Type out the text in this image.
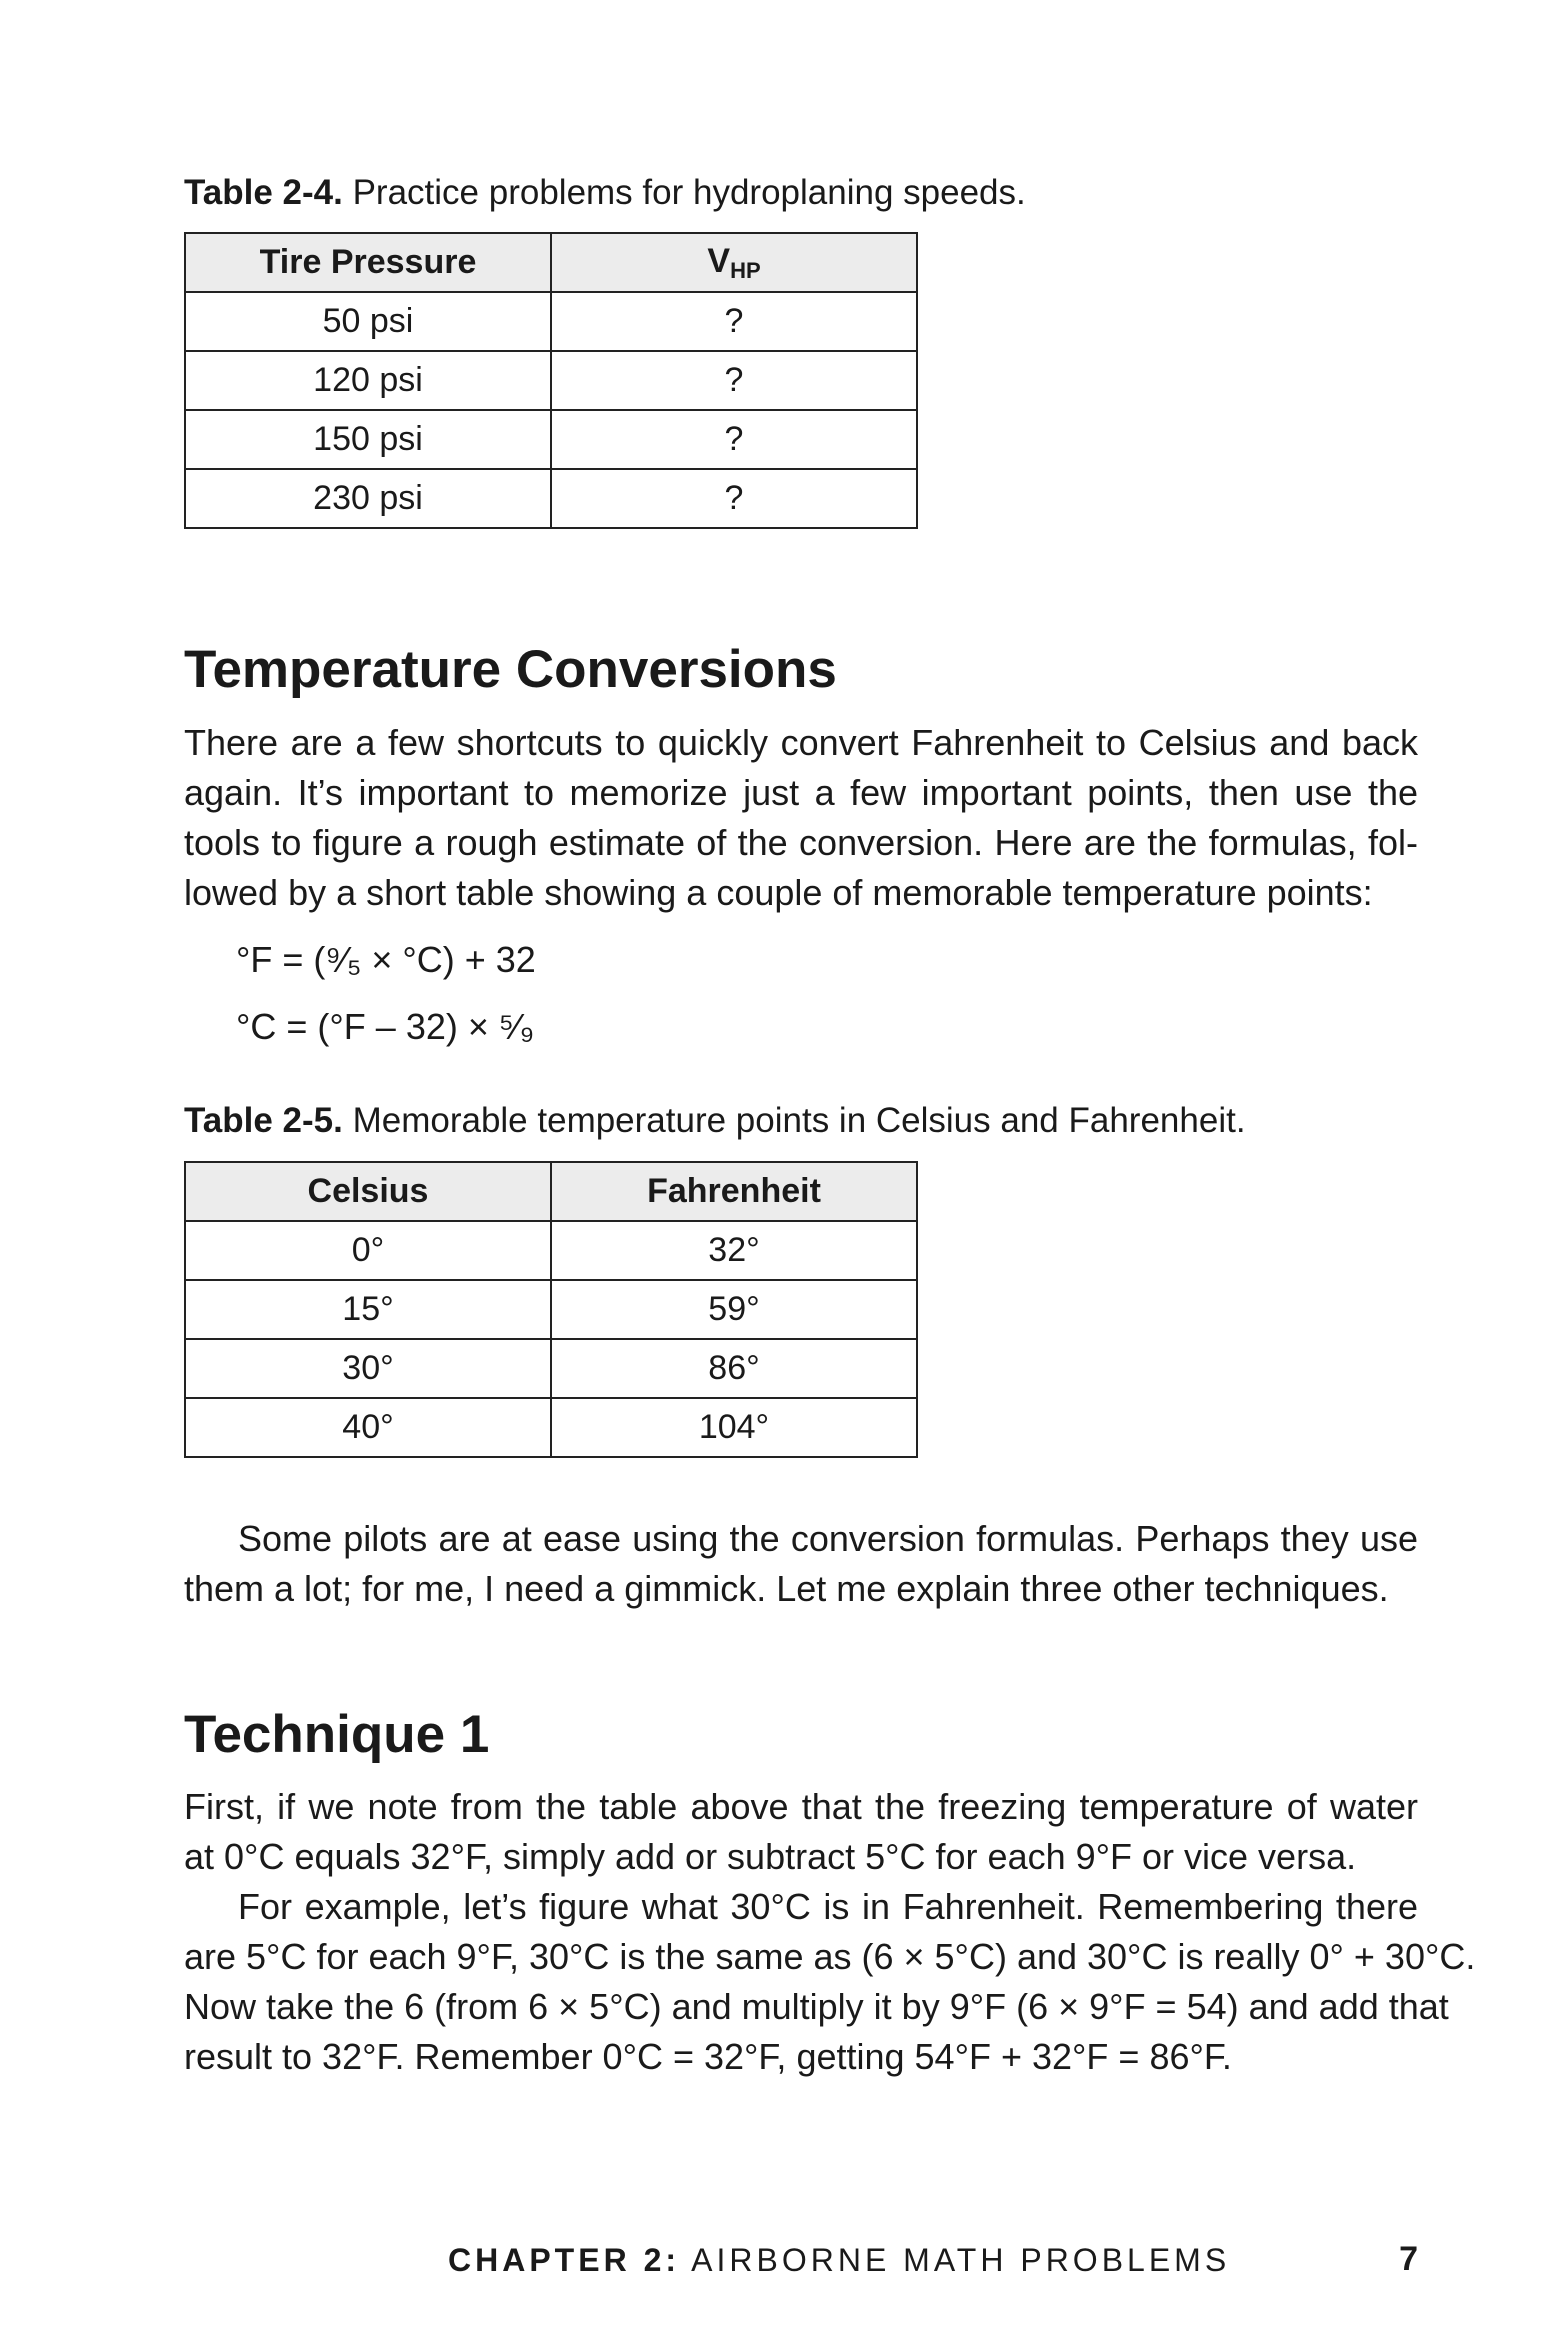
Table 2-4. Practice problems for hydroplaning speeds.
Tire Pressure	$V_{HP}$
50 psi	?
120 psi	?
150 psi	?
230 psi	?
Temperature Conversions
There are a few shortcuts to quickly convert Fahrenheit to Celsius and back
again. It’s important to memorize just a few important points, then use the
tools to figure a rough estimate of the conversion. Here are the formulas, fol-
lowed by a short table showing a couple of memorable temperature points:
°F = (⁹⁄₅ × °C) + 32
°C = (°F – 32) × ⁵⁄₉
Table 2-5. Memorable temperature points in Celsius and Fahrenheit.
Celsius	Fahrenheit
0°	32°
15°	59°
30°	86°
40°	104°
Some pilots are at ease using the conversion formulas. Perhaps they use
them a lot; for me, I need a gimmick. Let me explain three other techniques.
Technique 1
First, if we note from the table above that the freezing temperature of water
at 0°C equals 32°F, simply add or subtract 5°C for each 9°F or vice versa.
For example, let’s figure what 30°C is in Fahrenheit. Remembering there
are 5°C for each 9°F, 30°C is the same as (6 × 5°C) and 30°C is really 0° + 30°C.
Now take the 6 (from 6 × 5°C) and multiply it by 9°F (6 × 9°F = 54) and add that
result to 32°F. Remember 0°C = 32°F, getting 54°F + 32°F = 86°F.
CHAPTER 2: AIRBORNE MATH PROBLEMS	7
